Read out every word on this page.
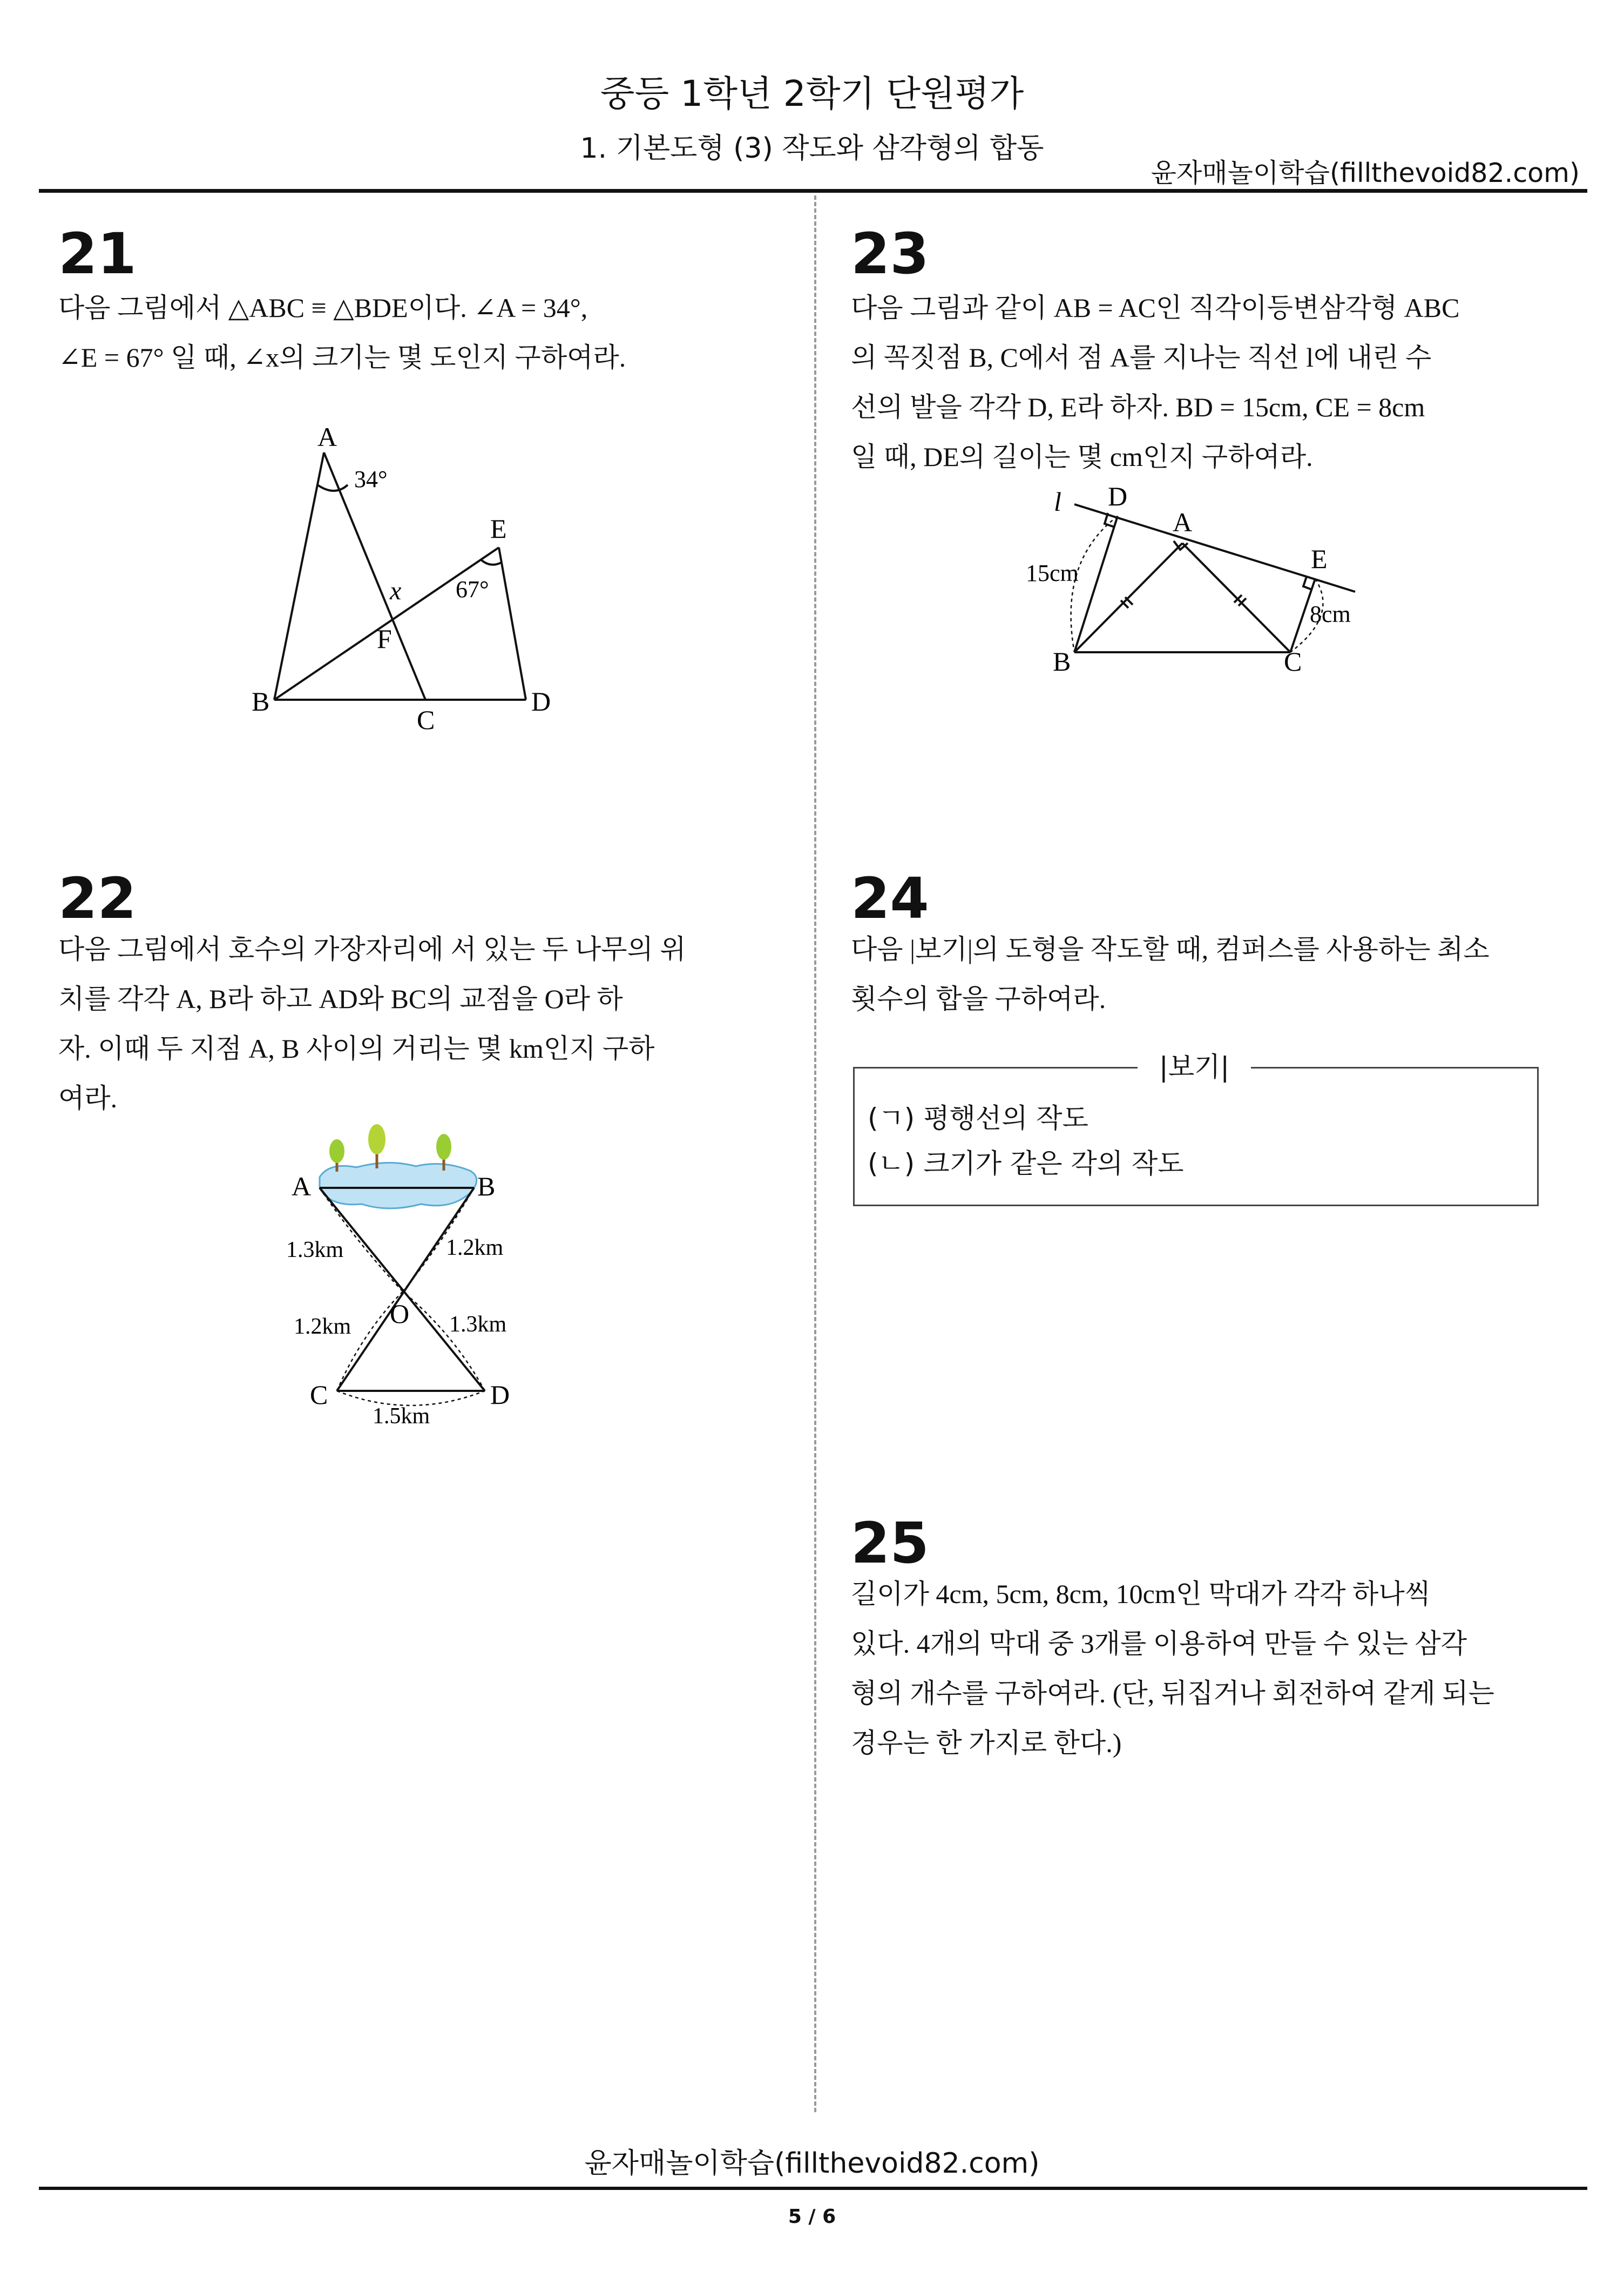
중등 1학년 2학기 단원평가
1. 기본도형 (3) 작도와 삼각형의 합동
윤자매놀이학습(fillthevoid82.com)
21
다음 그림에서 △ABC ≡ △BDE이다. ∠A = 34°,
∠E = 67° 일 때, ∠x의 크기는 몇 도인지 구하여라.
A
B
C
D
E
F
x
34°
67°
22
다음 그림에서 호수의 가장자리에 서 있는 두 나무의 위
치를 각각 A, B라 하고 AD와 BC의 교점을 O라 하
자. 이때 두 지점 A, B 사이의 거리는 몇 km인지 구하
여라.
A	B
C	D
O
1.3km	1.2km
1.2km	1.3km
1.5km
23
다음 그림과 같이 AB = AC인 직각이등변삼각형 ABC
의 꼭짓점 B, C에서 점 A를 지나는 직선 l에 내린 수
선의 발을 각각 D, E라 하자. BD = 15cm, CE = 8cm
일 때, DE의 길이는 몇 cm인지 구하여라.
l D
A
E
B	C
15cm
8cm
24
다음 |보기|의 도형을 작도할 때, 컴퍼스를 사용하는 최소
횟수의 합을 구하여라.
(ㄱ) 평행선의 작도
(ㄴ) 크기가 같은 각의 작도
|보기|
25
길이가 4cm, 5cm, 8cm, 10cm인 막대가 각각 하나씩
있다. 4개의 막대 중 3개를 이용하여 만들 수 있는 삼각
형의 개수를 구하여라. (단, 뒤집거나 회전하여 같게 되는
경우는 한 가지로 한다.)
윤자매놀이학습(fillthevoid82.com)
5 / 6
